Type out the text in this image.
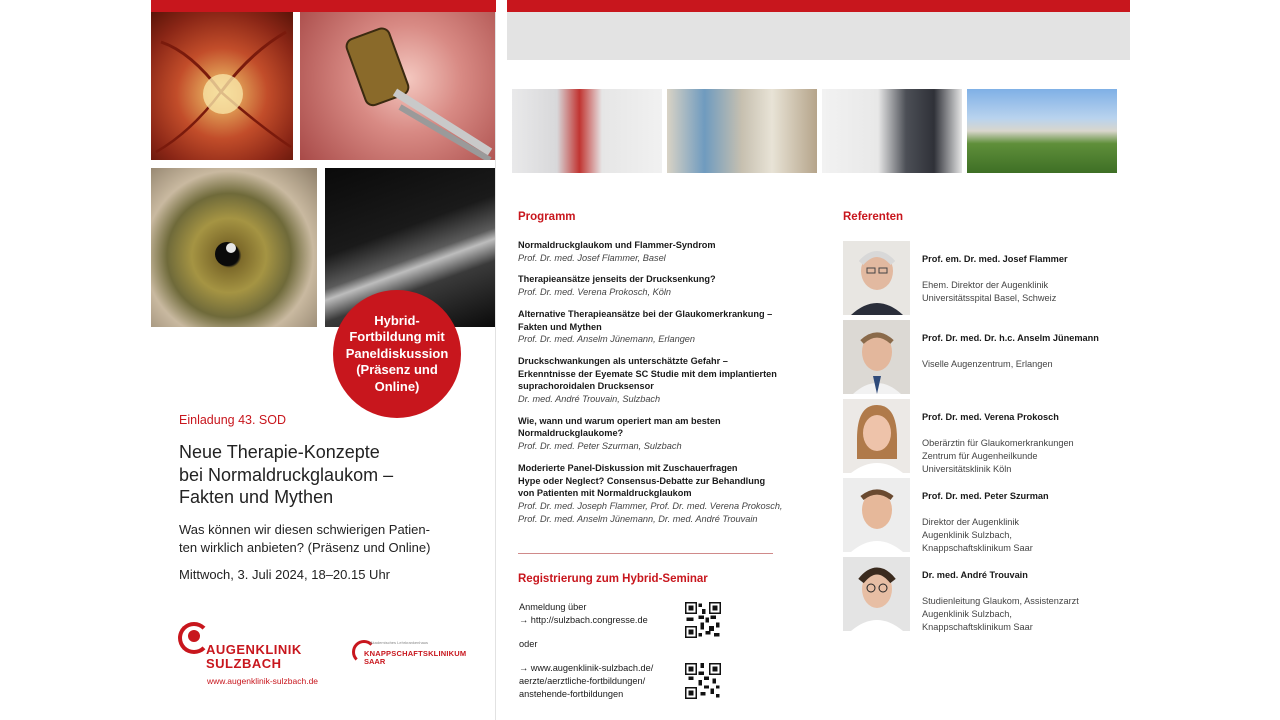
Hybrid-
Fortbildung mit
Paneldiskussion
(Präsenz und
Online)
Einladung 43. SOD
Neue Therapie-Konzepte
bei Normaldruckglaukom –
Fakten und Mythen
Was können wir diesen schwierigen Patien-
ten wirklich anbieten? (Präsenz und Online)
Mittwoch, 3. Juli 2024, 18–20.15 Uhr
AUGENKLINIK
SULZBACH
www.augenklinik-sulzbach.de
Akademisches Lehrkrankenhaus
KNAPPSCHAFTSKLINIKUM
SAAR
Programm
Normaldruckglaukom und Flammer-Syndrom
Prof. Dr. med. Josef Flammer, Basel
Therapieansätze jenseits der Drucksenkung?
Prof. Dr. med. Verena Prokosch, Köln
Alternative Therapieansätze bei der Glaukomerkrankung –
Fakten und Mythen
Prof. Dr. med. Anselm Jünemann, Erlangen
Druckschwankungen als unterschätzte Gefahr –
Erkenntnisse der Eyemate SC Studie mit dem implantierten
suprachoroidalen Drucksensor
Dr. med. André Trouvain, Sulzbach
Wie, wann und warum operiert man am besten
Normaldruckglaukome?
Prof. Dr. med. Peter Szurman, Sulzbach
Moderierte Panel-Diskussion mit Zuschauerfragen
Hype oder Neglect? Consensus-Debatte zur Behandlung
von Patienten mit Normaldruckglaukom
Prof. Dr. med. Joseph Flammer, Prof. Dr. med. Verena Prokosch,
Prof. Dr. med. Anselm Jünemann, Dr. med. André Trouvain
Registrierung zum Hybrid-Seminar
Anmeldung über
→ http://sulzbach.congresse.de
oder
→ www.augenklinik-sulzbach.de/
aerzte/aerztliche-fortbildungen/
anstehende-fortbildungen
Referenten

Prof. em. Dr. med. Josef Flammer

Ehem. Direktor der Augenklinik
Universitätsspital Basel, Schweiz

Prof. Dr. med. Dr. h.c. Anselm Jünemann

Viselle Augenzentrum, Erlangen

Prof. Dr. med. Verena Prokosch

Oberärztin für Glaukomerkrankungen
Zentrum für Augenheilkunde
Universitätsklinik Köln

Prof. Dr. med. Peter Szurman

Direktor der Augenklinik
Augenklinik Sulzbach,
Knappschaftsklinikum Saar

Dr. med. André Trouvain

Studienleitung Glaukom, Assistenzarzt
Augenklinik Sulzbach,
Knappschaftsklinikum Saar
